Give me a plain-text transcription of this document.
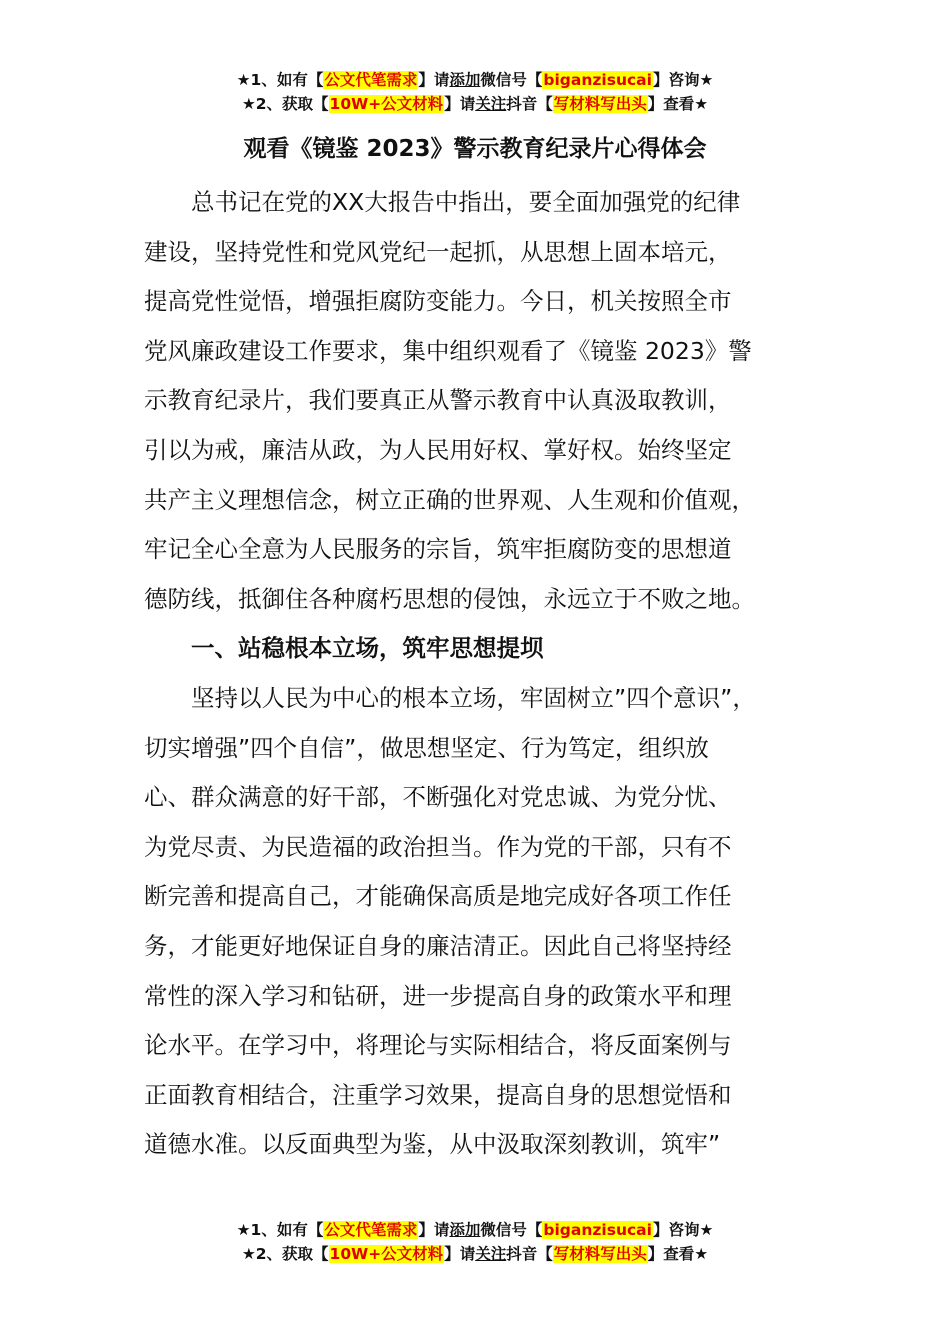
★1、如有【公文代笔需求】请添加微信号【biganzisucai】咨询★
★2、获取【10W+公文材料】请关注抖音【写材料写出头】查看★
观看《镜鉴 2023》警示教育纪录片心得体会
　　总书记在党的XX大报告中指出，要全面加强党的纪律
建设，坚持党性和党风党纪一起抓，从思想上固本培元，
提高党性觉悟，增强拒腐防变能力。今日，机关按照全市
党风廉政建设工作要求，集中组织观看了《镜鉴 2023》警
示教育纪录片，我们要真正从警示教育中认真汲取教训，
引以为戒，廉洁从政，为人民用好权、掌好权。始终坚定
共产主义理想信念，树立正确的世界观、人生观和价值观，
牢记全心全意为人民服务的宗旨，筑牢拒腐防变的思想道
德防线，抵御住各种腐朽思想的侵蚀，永远立于不败之地。
　　一、站稳根本立场，筑牢思想提坝
　　坚持以人民为中心的根本立场，牢固树立”四个意识”，
切实增强”四个自信”，做思想坚定、行为笃定，组织放
心、群众满意的好干部，不断强化对党忠诚、为党分忧、
为党尽责、为民造福的政治担当。作为党的干部，只有不
断完善和提高自己，才能确保高质是地完成好各项工作任
务，才能更好地保证自身的廉洁清正。因此自己将坚持经
常性的深入学习和钻研，进一步提高自身的政策水平和理
论水平。在学习中，将理论与实际相结合，将反面案例与
正面教育相结合，注重学习效果，提高自身的思想觉悟和
道德水准。以反面典型为鉴，从中汲取深刻教训，筑牢”
★1、如有【公文代笔需求】请添加微信号【biganzisucai】咨询★
★2、获取【10W+公文材料】请关注抖音【写材料写出头】查看★
